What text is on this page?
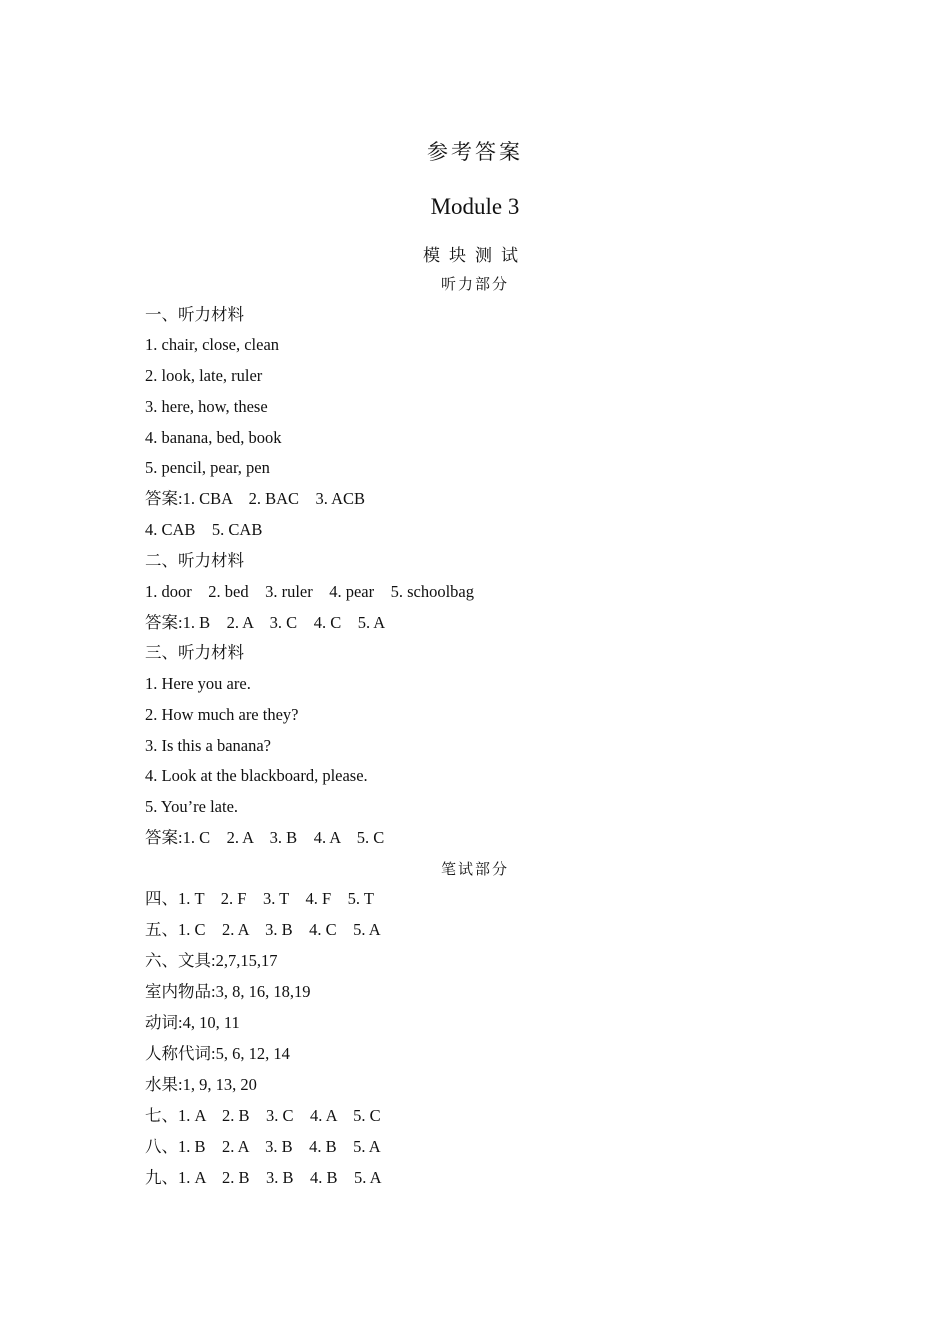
参考答案
Module 3
模块测试
听力部分
一、听力材料
1. chair, close, clean
2. look, late, ruler
3. here, how, these
4. banana, bed, book
5. pencil, pear, pen
答案:1. CBA    2. BAC    3. ACB
4. CAB    5. CAB
二、听力材料
1. door    2. bed    3. ruler    4. pear    5. schoolbag
答案:1. B    2. A    3. C    4. C    5. A
三、听力材料
1. Here you are.
2. How much are they?
3. Is this a banana?
4. Look at the blackboard, please.
5. You’re late.
答案:1. C    2. A    3. B    4. A    5. C
笔试部分
四、1. T    2. F    3. T    4. F    5. T
五、1. C    2. A    3. B    4. C    5. A
六、文具:2,7,15,17
室内物品:3, 8, 16, 18,19
动词:4, 10, 11
人称代词:5, 6, 12, 14
水果:1, 9, 13, 20
七、1. A    2. B    3. C    4. A    5. C
八、1. B    2. A    3. B    4. B    5. A
九、1. A    2. B    3. B    4. B    5. A
